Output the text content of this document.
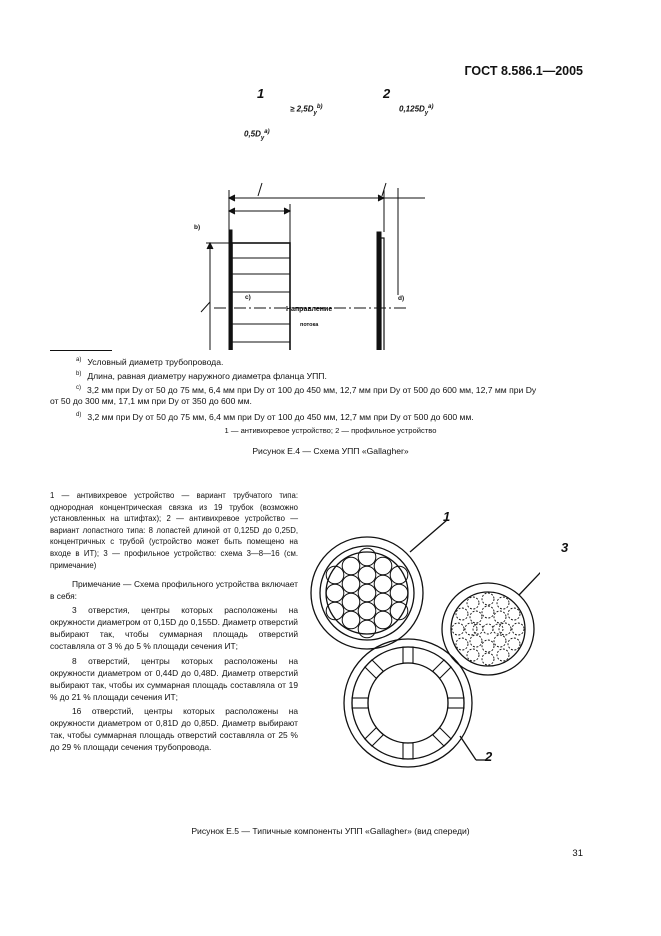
ГОСТ 8.586.1—2005
1	2
≥ $2,5D_y^{b)}$	$0,125D_y^{a)}$
$0,5D_y^{a)}$
b)
c)	d)
Направление
потока
$^{a)}$ Условный диаметр трубопровода.
$^{b)}$ Длина, равная диаметру наружного диаметра фланца УПП.
$^{c)}$ 3,2 мм при Dу от 50 до 75 мм, 6,4 мм при Dу от 100 до 450 мм, 12,7 мм при Dу от 500 до 600 мм, 12,7 мм при Dу
от 50 до 300 мм, 17,1 мм при Dу от 350 до 600 мм.
$^{d)}$ 3,2 мм при Dу от 50 до 75 мм, 6,4 мм при Dу от 100 до 450 мм, 12,7 мм при Dу от 500 до 600 мм.
1 — антивихревое устройство; 2 — профильное устройство
Рисунок Е.4 — Схема УПП «Gallagher»
1 — антивихревое устройство — вариант трубчатого типа: однородная концентрическая связка из 19 трубок (возможно установленных на штифтах); 2 — антивихревое устройство — вариант лопастного типа: 8 лопастей длиной от 0,125D до 0,25D, концентричных с трубой (устройство может быть помещено на входе в ИТ); 3 — профильное устройство: схема 3—8—16 (см. примечание)

Примечание — Схема профильного устройства включает в себя:

3 отверстия, центры которых расположены на окружности диаметром от 0,15D до 0,155D. Диаметр отверстий выбирают так, чтобы суммарная площадь отверстий составляла от 3 % до 5 % площади сечения ИТ;

8 отверстий, центры которых расположены на окружности диаметром от 0,44D до 0,48D. Диаметр отверстий выбирают так, чтобы их суммарная площадь составляла от 19 % до 21 % площади сечения ИТ;

16 отверстий, центры которых расположены на окружности диаметром от 0,81D до 0,85D. Диаметр выбирают так, чтобы суммарная площадь отверстий составляла от 25 % до 29 % площади сечения трубопровода.

1
3
2
Рисунок Е.5 — Типичные компоненты УПП «Gallagher» (вид спереди)
31
